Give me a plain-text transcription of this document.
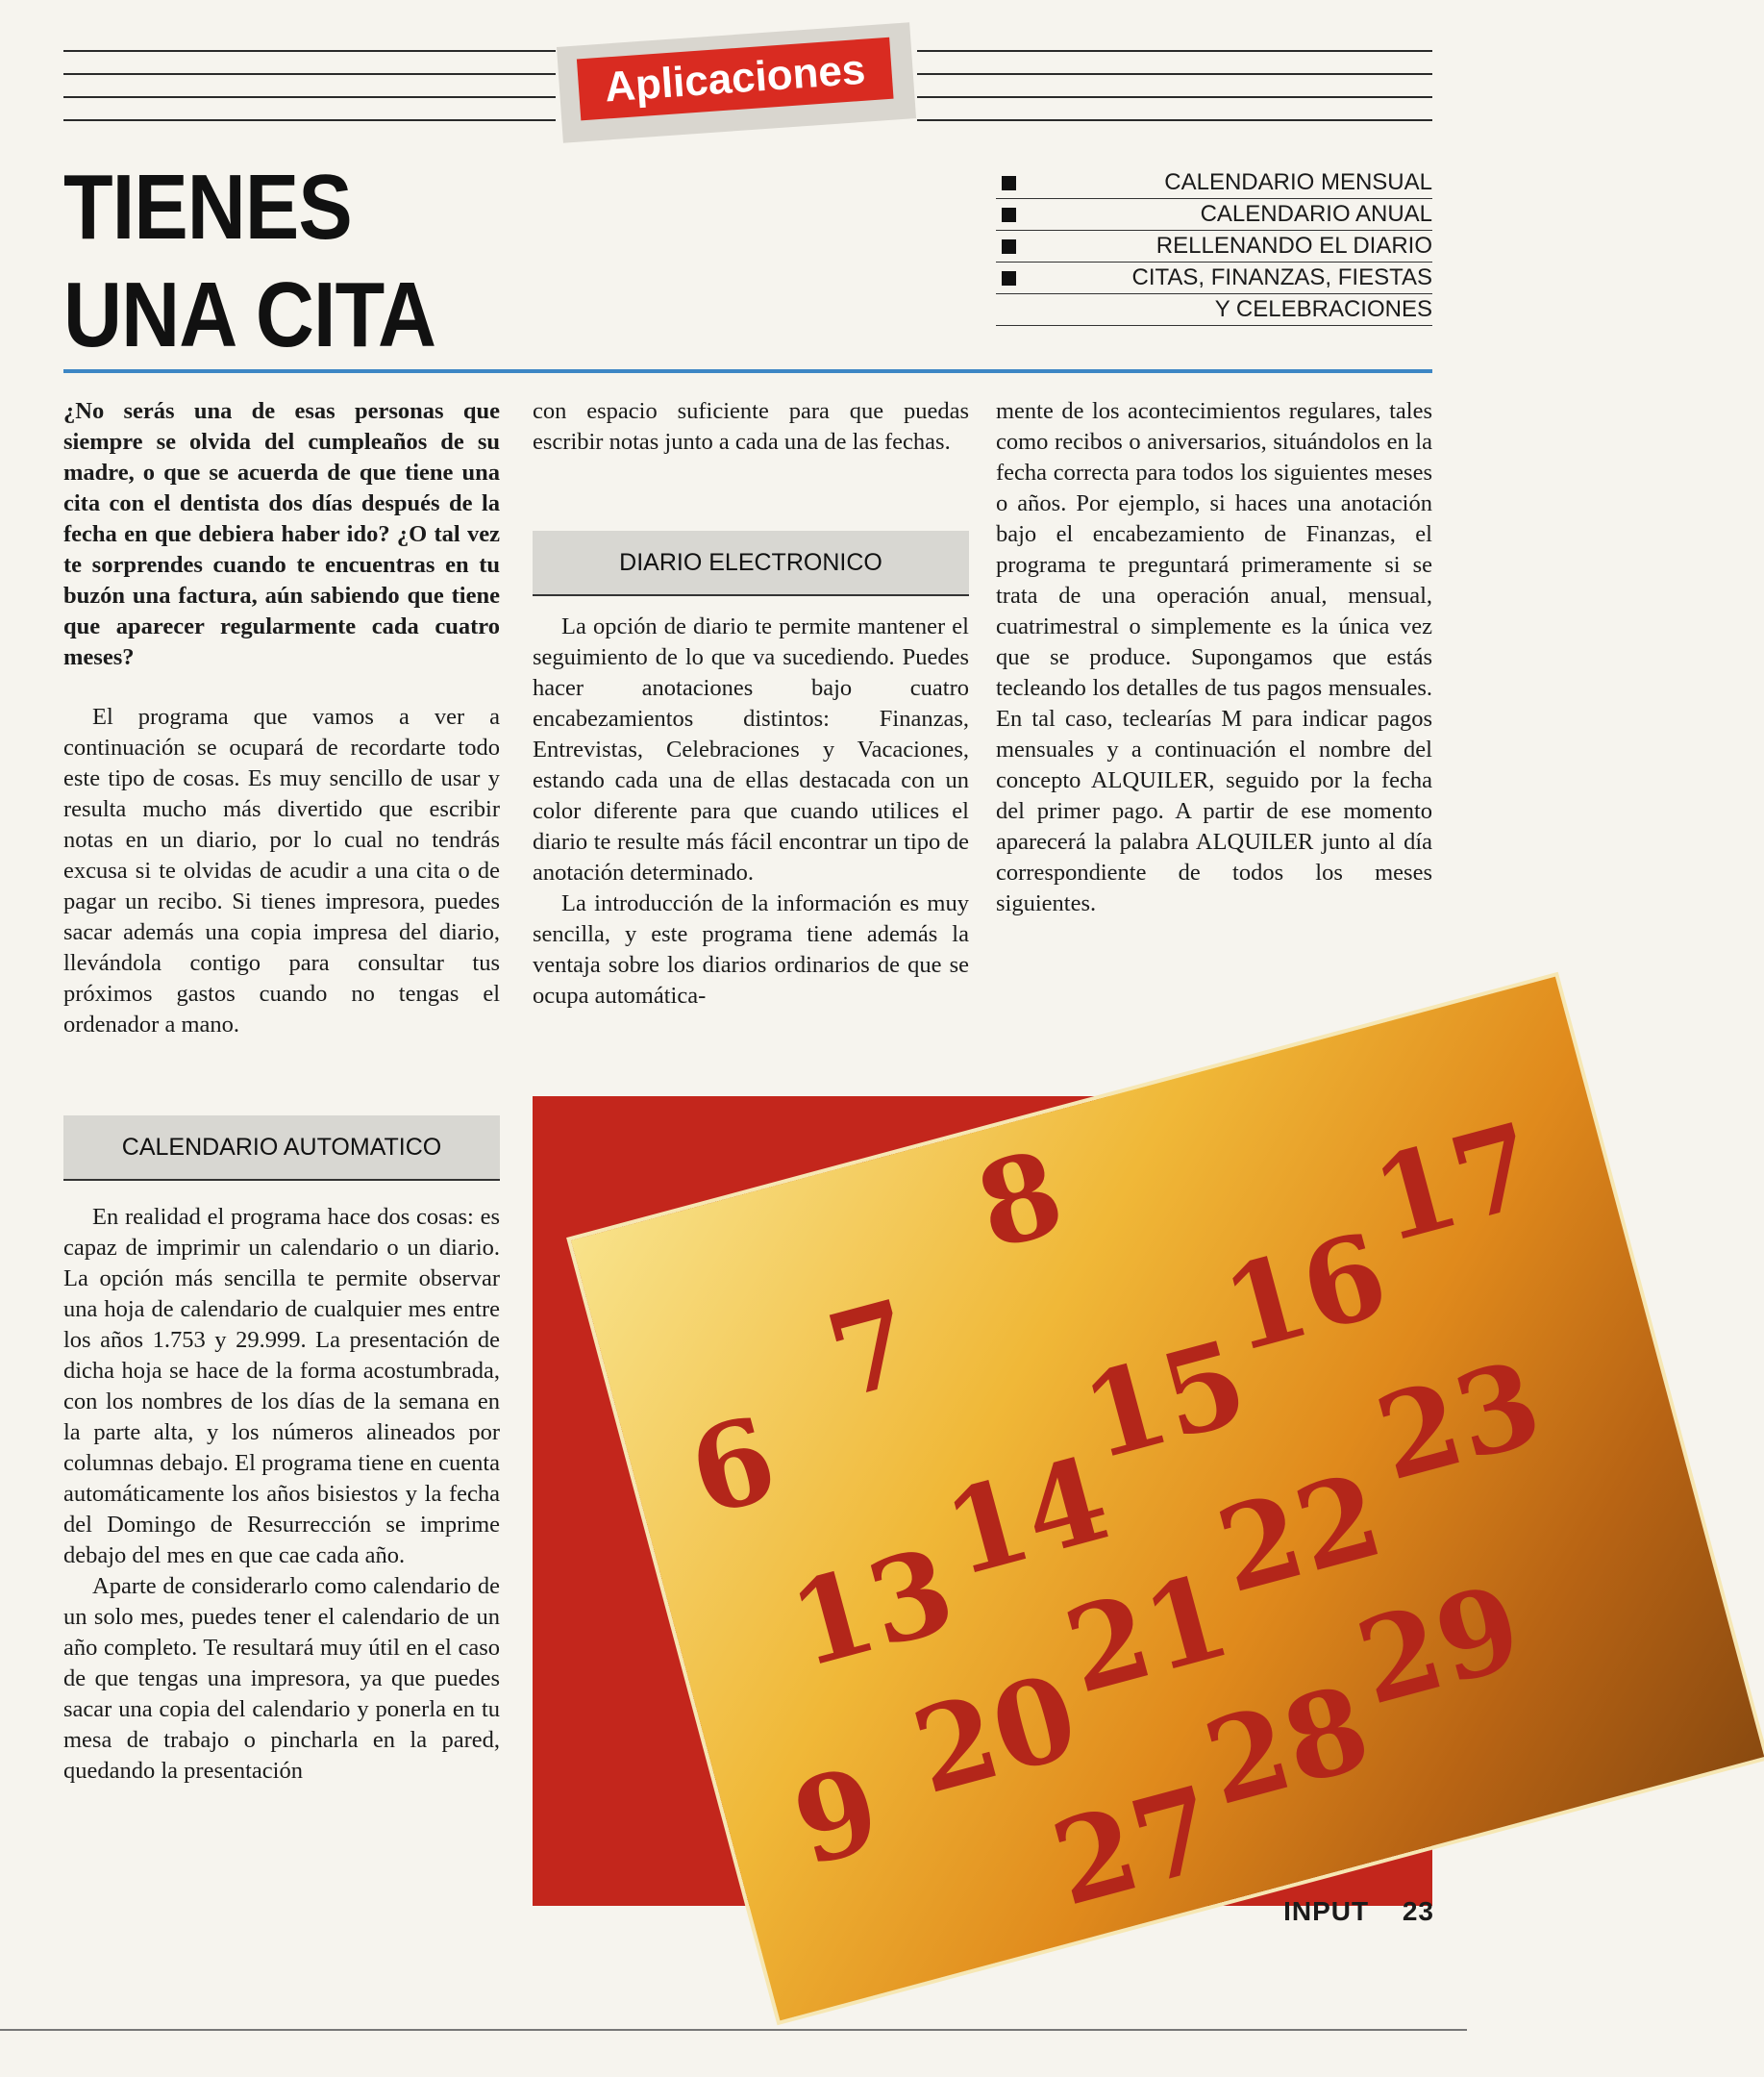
Aplicaciones
TIENES
UNA CITA
CALENDARIO MENSUAL
CALENDARIO ANUAL
RELLENANDO EL DIARIO
CITAS, FINANZAS, FIESTAS
Y CELEBRACIONES

¿No serás una de esas personas que siempre se olvida del cumpleaños de su madre, o que se acuerda de que tiene una cita con el dentista dos días después de la fecha en que debiera haber ido? ¿O tal vez te sorprendes cuando te encuentras en tu buzón una factura, aún sabiendo que tiene que aparecer regularmente cada cuatro meses?

El programa que vamos a ver a continuación se ocupará de recordarte todo este tipo de cosas. Es muy sencillo de usar y resulta mucho más divertido que escribir notas en un diario, por lo cual no tendrás excusa si te olvidas de acudir a una cita o de pagar un recibo. Si tienes impresora, puedes sacar además una copia impresa del diario, llevándola contigo para consultar tus próximos gastos cuando no tengas el ordenador a mano.

CALENDARIO AUTOMATICO

En realidad el programa hace dos cosas: es capaz de imprimir un calendario o un diario. La opción más sencilla te permite observar una hoja de calendario de cualquier mes entre los años 1.753 y 29.999. La presentación de dicha hoja se hace de la forma acostumbrada, con los nombres de los días de la semana en la parte alta, y los números alineados por columnas debajo. El programa tiene en cuenta automáticamente los años bisiestos y la fecha del Domingo de Resurrección se imprime debajo del mes en que cae cada año.

Aparte de considerarlo como calendario de un solo mes, puedes tener el calendario de un año completo. Te resultará muy útil en el caso de que tengas una impresora, ya que puedes sacar una copia del calendario y ponerla en tu mesa de trabajo o pincharla en la pared, quedando la presentación

con espacio suficiente para que puedas escribir notas junto a cada una de las fechas.

DIARIO ELECTRONICO

La opción de diario te permite mantener el seguimiento de lo que va sucediendo. Puedes hacer anotaciones bajo cuatro encabezamientos distintos: Finanzas, Entrevistas, Celebraciones y Vacaciones, estando cada una de ellas destacada con un color diferente para que cuando utilices el diario te resulte más fácil encontrar un tipo de anotación determinado.

La introducción de la información es muy sencilla, y este programa tiene además la ventaja sobre los diarios ordinarios de que se ocupa automática-

mente de los acontecimientos regulares, tales como recibos o aniversarios, situándolos en la fecha correcta para todos los siguientes meses o años. Por ejemplo, si haces una anotación bajo el encabezamiento de Finanzas, el programa te preguntará primeramente si se trata de una operación anual, mensual, cuatrimestral o simplemente es la única vez que se produce. Supongamos que estás tecleando los detalles de tus pagos mensuales. En tal caso, teclearías M para indicar pagos mensuales y a continuación el nombre del concepto ALQUILER, seguido por la fecha del primer pago. A partir de ese momento aparecerá la palabra ALQUILER junto al día correspondiente de todos los meses siguientes.

8
7
6
13
14
15
16
17
9 20
21
22
23
27
28
29
INPUT 23
